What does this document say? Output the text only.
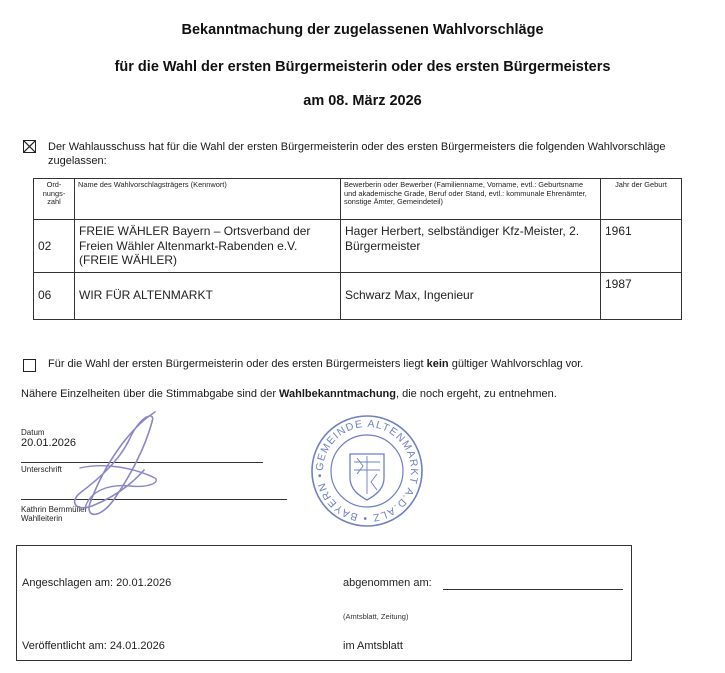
Bekanntmachung der zugelassenen Wahlvorschläge
für die Wahl der ersten Bürgermeisterin oder des ersten Bürgermeisters
am 08. März 2026
Der Wahlausschuss hat für die Wahl der ersten Bürgermeisterin oder des ersten Bürgermeisters die folgenden Wahlvorschläge zugelassen:
Ord- nungs- zahl	Name des Wahlvorschlagsträgers (Kennwort)	Bewerberin oder Bewerber (Familienname, Vorname, evtl.: Geburtsname und akademische Grade, Beruf oder Stand, evtl.: kommunale Ehrenämter, sonstige Ämter, Gemeindeteil)	Jahr der Geburt
02	FREIE WÄHLER Bayern – Ortsverband der Freien Wähler Altenmarkt-Rabenden e.V. (FREIE WÄHLER)	Hager Herbert, selbständiger Kfz-Meister, 2. Bürgermeister	1961
06	WIR FÜR ALTENMARKT	Schwarz Max, Ingenieur	1987
Für die Wahl der ersten Bürgermeisterin oder des ersten Bürgermeisters liegt kein gültiger Wahlvorschlag vor.
Nähere Einzelheiten über die Stimmabgabe sind der Wahlbekanntmachung, die noch ergeht, zu entnehmen.
Datum
20.01.2026
Unterschrift
Kathrin Bernmüller
Wahlleiterin
GEMEINDE ALTENMARKT A.D.ALZ • BAYERN •
Angeschlagen am: 20.01.2026	abgenommen am:
(Amtsblatt, Zeitung)
Veröffentlicht am: 24.01.2026	im Amtsblatt
